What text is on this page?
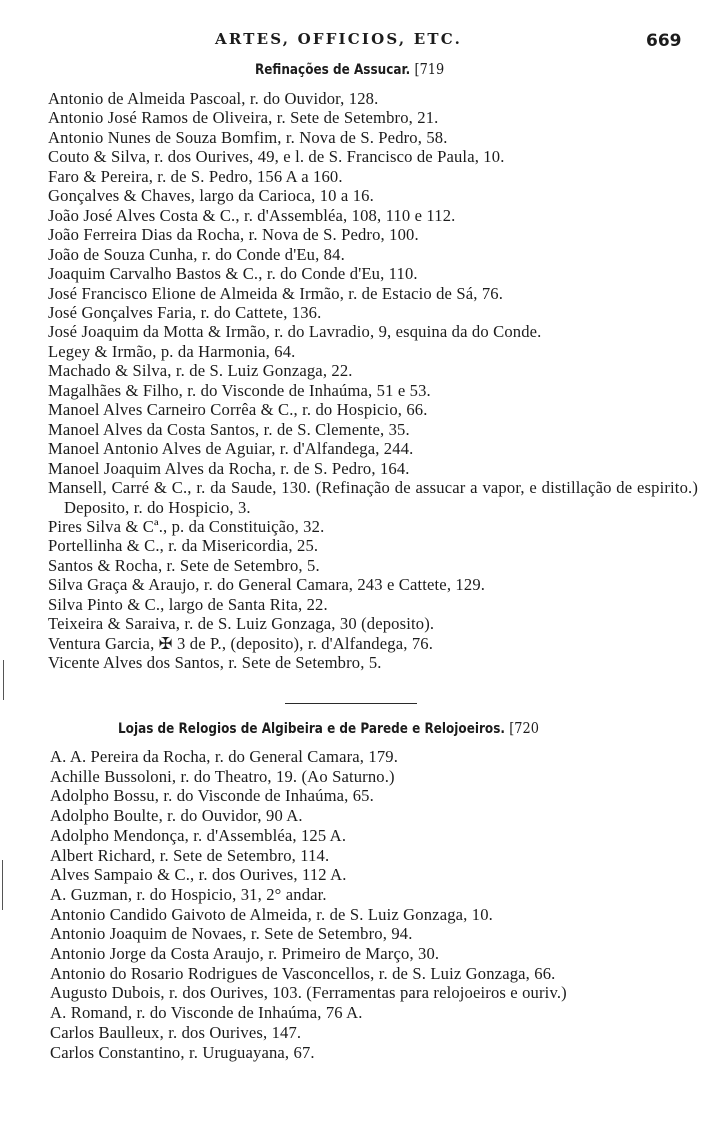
ARTES, OFFICIOS, ETC.	669
Refinações de Assucar. [719
Antonio de Almeida Pascoal, r. do Ouvidor, 128.
Antonio José Ramos de Oliveira, r. Sete de Setembro, 21.
Antonio Nunes de Souza Bomfim, r. Nova de S. Pedro, 58.
Couto & Silva, r. dos Ourives, 49, e l. de S. Francisco de Paula, 10.
Faro & Pereira, r. de S. Pedro, 156 A a 160.
Gonçalves & Chaves, largo da Carioca, 10 a 16.
João José Alves Costa & C., r. d'Assembléa, 108, 110 e 112.
João Ferreira Dias da Rocha, r. Nova de S. Pedro, 100.
João de Souza Cunha, r. do Conde d'Eu, 84.
Joaquim Carvalho Bastos & C., r. do Conde d'Eu, 110.
José Francisco Elione de Almeida & Irmão, r. de Estacio de Sá, 76.
José Gonçalves Faria, r. do Cattete, 136.
José Joaquim da Motta & Irmão, r. do Lavradio, 9, esquina da do Conde.
Legey & Irmão, p. da Harmonia, 64.
Machado & Silva, r. de S. Luiz Gonzaga, 22.
Magalhães & Filho, r. do Visconde de Inhaúma, 51 e 53.
Manoel Alves Carneiro Corrêa & C., r. do Hospicio, 66.
Manoel Alves da Costa Santos, r. de S. Clemente, 35.
Manoel Antonio Alves de Aguiar, r. d'Alfandega, 244.
Manoel Joaquim Alves da Rocha, r. de S. Pedro, 164.
Mansell, Carré & C., r. da Saude, 130. (Refinação de assucar a vapor, e distillação de espirito.) Deposito, r. do Hospicio, 3.
Pires Silva & Cª., p. da Constituição, 32.
Portellinha & C., r. da Misericordia, 25.
Santos & Rocha, r. Sete de Setembro, 5.
Silva Graça & Araujo, r. do General Camara, 243 e Cattete, 129.
Silva Pinto & C., largo de Santa Rita, 22.
Teixeira & Saraiva, r. de S. Luiz Gonzaga, 30 (deposito).
Ventura Garcia, ✠ 3 de P., (deposito), r. d'Alfandega, 76.
Vicente Alves dos Santos, r. Sete de Setembro, 5.
Lojas de Relogios de Algibeira e de Parede e Relojoeiros. [720
A. A. Pereira da Rocha, r. do General Camara, 179.
Achille Bussoloni, r. do Theatro, 19. (Ao Saturno.)
Adolpho Bossu, r. do Visconde de Inhaúma, 65.
Adolpho Boulte, r. do Ouvidor, 90 A.
Adolpho Mendonça, r. d'Assembléa, 125 A.
Albert Richard, r. Sete de Setembro, 114.
Alves Sampaio & C., r. dos Ourives, 112 A.
A. Guzman, r. do Hospicio, 31, 2° andar.
Antonio Candido Gaivoto de Almeida, r. de S. Luiz Gonzaga, 10.
Antonio Joaquim de Novaes, r. Sete de Setembro, 94.
Antonio Jorge da Costa Araujo, r. Primeiro de Março, 30.
Antonio do Rosario Rodrigues de Vasconcellos, r. de S. Luiz Gonzaga, 66.
Augusto Dubois, r. dos Ourives, 103. (Ferramentas para relojoeiros e ouriv.)
A. Romand, r. do Visconde de Inhaúma, 76 A.
Carlos Baulleux, r. dos Ourives, 147.
Carlos Constantino, r. Uruguayana, 67.
